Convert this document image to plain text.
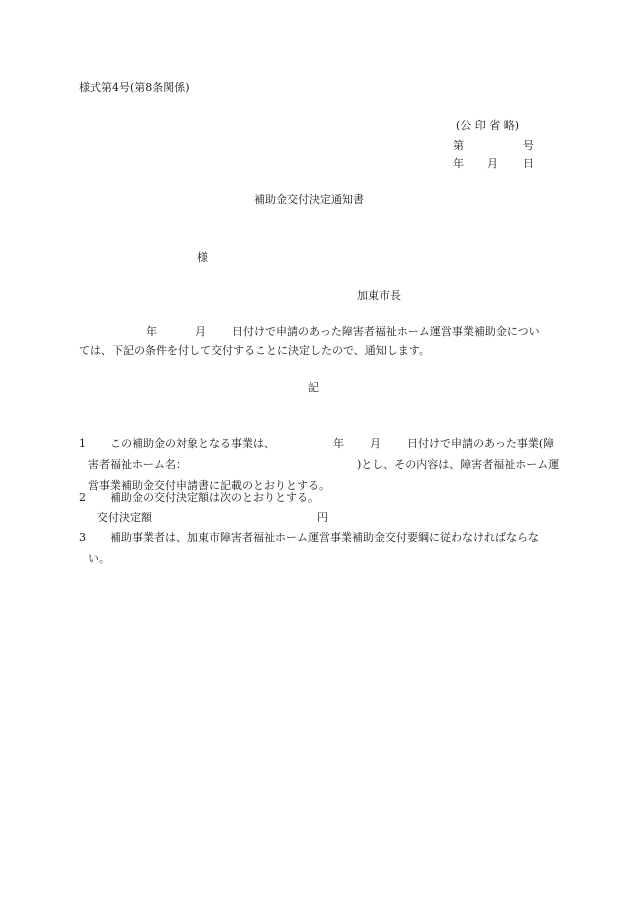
様式第4号(第8条関係)
(公 印 省 略)
第	号
年 月 日
補助金交付決定通知書
様
加東市長
年	月 日付けで申請のあった障害者福祉ホーム運営事業補助金につい
ては、下記の条件を付して交付することに決定したので、通知します。
記
1 この補助金の対象となる事業は、	年 月 日付けで申請のあった事業(障害者福祉ホーム名：	)とし、その内容は、障害者福祉ホーム運営事業補助金交付申請書に記載のとおりとする。
2 補助金の交付決定額は次のとおりとする。
交付決定額	円
3 補助事業者は、加東市障害者福祉ホーム運営事業補助金交付要綱に従わなければならない。
